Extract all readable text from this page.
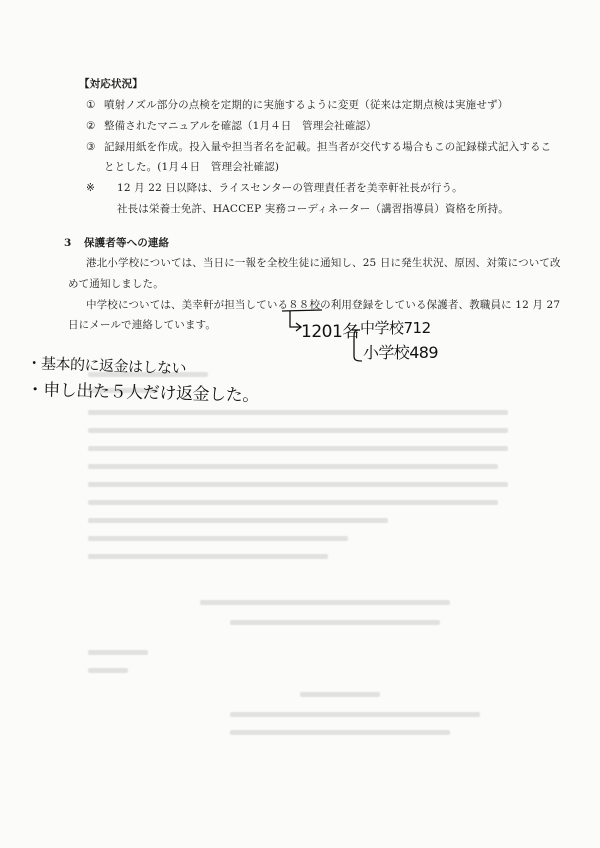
【対応状況】
① 噴射ノズル部分の点検を定期的に実施するように変更（従来は定期点検は実施せず）
② 整備されたマニュアルを確認（1月４日　管理会社確認）
③ 記録用紙を作成。投入量や担当者名を記載。担当者が交代する場合もこの記録様式記入するこ
ととした。(1月４日　管理会社確認)
※ 12 月 22 日以降は、ライスセンターの管理責任者を美幸軒社長が行う。
社長は栄養士免許、HACCEP 実務コーディネーター（講習指導員）資格を所持。
3 保護者等への連絡
港北小学校については、当日に一報を全校生徒に通知し、25 日に発生状況、原因、対策について改
めて通知しました。
中学校については、美幸軒が担当している８８校の利用登録をしている保護者、教職員に 12 月 27
日にメールで連絡しています。	1201名 中学校712
小学校489
・基本的に返金はしない
・申し出た５人だけ返金した。
